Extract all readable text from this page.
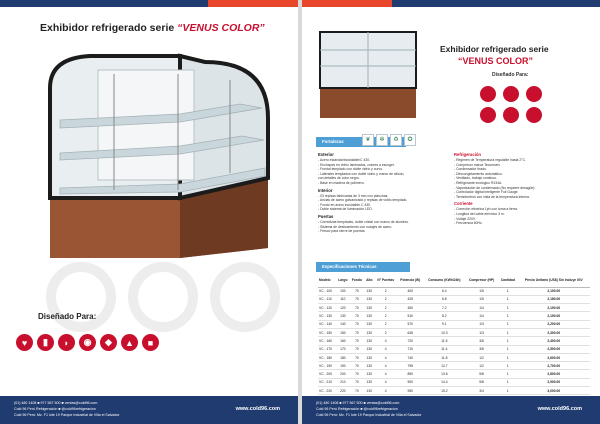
Exhibidor refrigerado serie “VENUS COLOR”
Diseñado Para:
♥	▮	◗	◉	◆	▲	■
(01) 480 1408 ■ 977 567 500 ■ ventas@cold96.com
Cold 96 Perú Refrigeración ■ @cold96refrigeracion
Cold 96 Perú: Mz. F1 lote 19 Parque Industrial de Villa el Salvador
www.cold96.com
Exhibidor refrigerado serie
“VENUS COLOR”
Diseñado Para:
Fortalezas	❦	✻	♻	✪
Exterior
- Acero estándar/inoxidable/C 430.
- Enchapes en vidrio laminados, colores a escoger.
- Frontal templado con doble vidrio y curvo.
- Laterales templados con doble vidrio y marco de silicón,
con detalles de color negro.
- Base en madera de polimero.
Interior
- 03 repisas fabricadas de 3 mm con planchas.
- Anclas de acero galvanizado y repisas de vidrio templado.
- Fondo en acero inoxidable C 430.
- Doble sistema de iluminación LED.
Puertas
- Corredizas templadas, doble cristal con marco de aluminio.
- Sistema de deslizamiento con rodajes de acero.
- Fresco para cierre de puertas.
Refrigeración
- Régimen de Temperatura regulable hasta 2°C.
- Compresor marca Tecumseh.
- Condensador tirado.
- Descongelamiento automático.
- Ventilado, trabajo continuo.
- Refrigerante ecológico R134A.
- Vaporización de condensado (No requiere desagüe).
- Controlador digital inteligente Full Gauge.
- Termómetros con vista de la temperatura interna.
Corriente
- Conexión eléctrica 1ph con toma a tierra.
- Longitud del cable eléctrico 3 m.
- Voltaje 220V.
- Frecuencia 60Hz.
Especificaciones Técnicas
Modelo	Largo	Fondo	Alto	N° Puertas	Potencia (W)	Consumo (KWh/24h)	Compresor (HP)	Cantidad	Precio Unitario (US$) Sin incluye IGV
VC - 100	100	70	130	2	400	6.4	1/5	1	2,100.00
VC - 110	110	70	130	2	425	6.8	1/5	1	2,180.00
VC - 120	120	70	130	2	450	7.2	1/4	1	2,190.00
VC - 130	130	70	130	2	510	8.2	1/4	1	2,190.00
VC - 140	140	70	130	2	570	9.1	1/3	1	2,200.00
VC - 150	150	70	130	2	645	10.3	1/3	1	2,300.00
VC - 160	160	70	130	4	720	11.5	3/8	1	2,400.00
VC - 170	170	70	130	4	710	11.4	3/8	1	2,500.00
VC - 180	180	70	130	4	740	11.8	1/2	1	2,600.00
VC - 190	190	70	130	4	795	12.7	1/2	1	2,700.00
VC - 200	200	70	130	4	850	13.6	5/8	1	2,800.00
VC - 210	210	70	130	4	900	14.4	5/8	1	2,900.00
VC - 220	220	70	130	4	950	15.2	3/4	1	3,000.00
(01) 480 1408 ■ 977 567 500 ■ ventas@cold96.com
Cold 96 Perú Refrigeración ■ @cold96refrigeracion
Cold 96 Perú: Mz. F1 lote 19 Parque Industrial de Villa el Salvador
www.cold96.com
